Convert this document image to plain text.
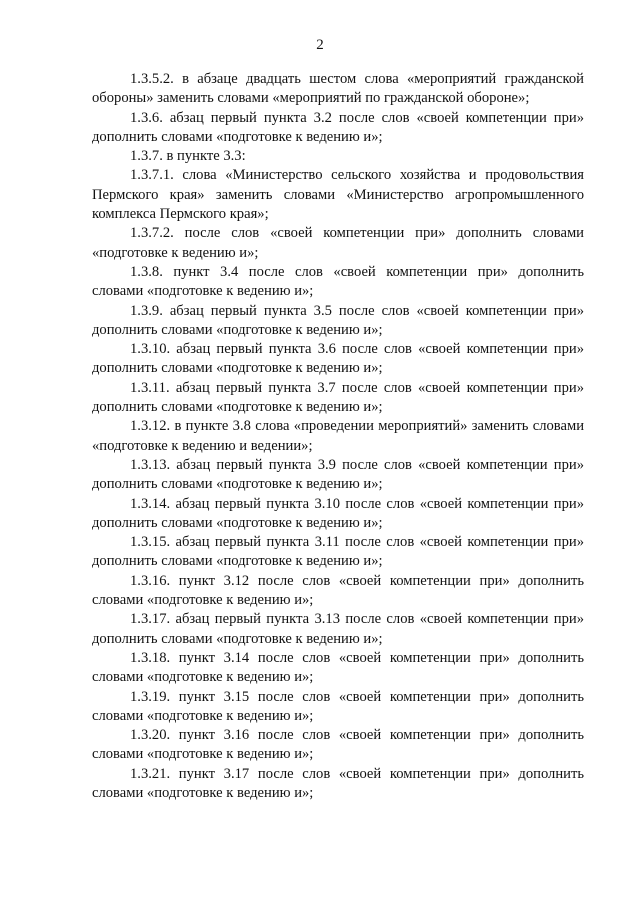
2

1.3.5.2. в абзаце двадцать шестом слова «мероприятий гражданской обороны» заменить словами «мероприятий по гражданской обороне»;

1.3.6. абзац первый пункта 3.2 после слов «своей компетенции при» дополнить словами «подготовке к ведению и»;

1.3.7. в пункте 3.3:

1.3.7.1. слова «Министерство сельского хозяйства и продовольствия Пермского края» заменить словами «Министерство агропромышленного комплекса Пермского края»;

1.3.7.2. после слов «своей компетенции при» дополнить словами «подготовке к ведению и»;

1.3.8. пункт 3.4 после слов «своей компетенции при» дополнить словами «подготовке к ведению и»;

1.3.9. абзац первый пункта 3.5 после слов «своей компетенции при» дополнить словами «подготовке к ведению и»;

1.3.10. абзац первый пункта 3.6 после слов «своей компетенции при» дополнить словами «подготовке к ведению и»;

1.3.11. абзац первый пункта 3.7 после слов «своей компетенции при» дополнить словами «подготовке к ведению и»;

1.3.12. в пункте 3.8 слова «проведении мероприятий» заменить словами «подготовке к ведению и ведении»;

1.3.13. абзац первый пункта 3.9 после слов «своей компетенции при» дополнить словами «подготовке к ведению и»;

1.3.14. абзац первый пункта 3.10 после слов «своей компетенции при» дополнить словами «подготовке к ведению и»;

1.3.15. абзац первый пункта 3.11 после слов «своей компетенции при» дополнить словами «подготовке к ведению и»;

1.3.16. пункт 3.12 после слов «своей компетенции при» дополнить словами «подготовке к ведению и»;

1.3.17. абзац первый пункта 3.13 после слов «своей компетенции при» дополнить словами «подготовке к ведению и»;

1.3.18. пункт 3.14 после слов «своей компетенции при» дополнить словами «подготовке к ведению и»;

1.3.19. пункт 3.15 после слов «своей компетенции при» дополнить словами «подготовке к ведению и»;

1.3.20. пункт 3.16 после слов «своей компетенции при» дополнить словами «подготовке к ведению и»;

1.3.21. пункт 3.17 после слов «своей компетенции при» дополнить словами «подготовке к ведению и»;
